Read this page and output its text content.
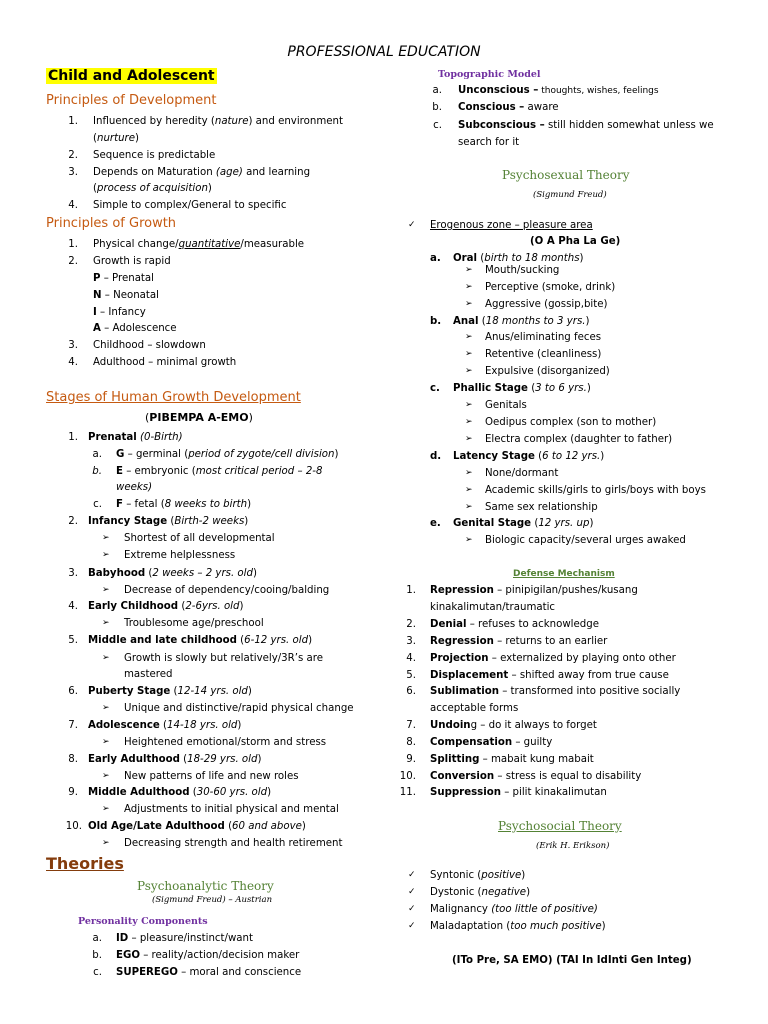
PROFESSIONAL EDUCATION
Child and Adolescent
Principles of Development
1. Influenced by heredity (nature) and environment
(nurture)
2. Sequence is predictable
3. Depends on Maturation (age) and learning
(process of acquisition)
4. Simple to complex/General to specific
Principles of Growth
1. Physical change/quantitative/measurable
2. Growth is rapid
P – Prenatal
N – Neonatal
I – Infancy
A – Adolescence
3. Childhood – slowdown
4. Adulthood – minimal growth
Stages of Human Growth Development
(PIBEMPA A-EMO)
1. Prenatal (0-Birth)
a. G – germinal (period of zygote/cell division)
b. E – embryonic (most critical period – 2-8
weeks)
c. F – fetal (8 weeks to birth)
2. Infancy Stage (Birth-2 weeks)
➢ Shortest of all developmental
➢ Extreme helplessness
3. Babyhood (2 weeks – 2 yrs. old)
➢ Decrease of dependency/cooing/balding
4. Early Childhood (2-6yrs. old)
➢ Troublesome age/preschool
5. Middle and late childhood (6-12 yrs. old)
➢ Growth is slowly but relatively/3R’s are
mastered
6. Puberty Stage (12-14 yrs. old)
➢ Unique and distinctive/rapid physical change
7. Adolescence (14-18 yrs. old)
➢ Heightened emotional/storm and stress
8. Early Adulthood (18-29 yrs. old)
➢ New patterns of life and new roles
9. Middle Adulthood (30-60 yrs. old)
➢ Adjustments to initial physical and mental
10. Old Age/Late Adulthood (60 and above)
➢ Decreasing strength and health retirement
Theories
Psychoanalytic Theory
(Sigmund Freud) – Austrian
Personality Components
a. ID – pleasure/instinct/want
b. EGO – reality/action/decision maker
c. SUPEREGO – moral and conscience
Topographic Model
a. Unconscious – thoughts, wishes, feelings
b. Conscious – aware
c. Subconscious – still hidden somewhat unless we
search for it
Psychosexual Theory
(Sigmund Freud)
✓ Erogenous zone – pleasure area
(O A Pha La Ge)
a. Oral (birth to 18 months)
➢ Mouth/sucking
➢ Perceptive (smoke, drink)
➢ Aggressive (gossip,bite)
b. Anal (18 months to 3 yrs.)
➢ Anus/eliminating feces
➢ Retentive (cleanliness)
➢ Expulsive (disorganized)
c. Phallic Stage (3 to 6 yrs.)
➢ Genitals
➢ Oedipus complex (son to mother)
➢ Electra complex (daughter to father)
d. Latency Stage (6 to 12 yrs.)
➢ None/dormant
➢ Academic skills/girls to girls/boys with boys
➢ Same sex relationship
e. Genital Stage (12 yrs. up)
➢ Biologic capacity/several urges awaked
Defense Mechanism
1. Repression – pinipigilan/pushes/kusang
kinakalimutan/traumatic
2. Denial – refuses to acknowledge
3. Regression – returns to an earlier
4. Projection – externalized by playing onto other
5. Displacement – shifted away from true cause
6. Sublimation – transformed into positive socially
acceptable forms
7. Undoing – do it always to forget
8. Compensation – guilty
9. Splitting – mabait kung mabait
10. Conversion – stress is equal to disability
11. Suppression – pilit kinakalimutan
Psychosocial Theory
(Erik H. Erikson)
✓ Syntonic (positive)
✓ Dystonic (negative)
✓ Malignancy (too little of positive)
✓ Maladaptation (too much positive)
(ITo Pre, SA EMO) (TAI In IdInti Gen Integ)
